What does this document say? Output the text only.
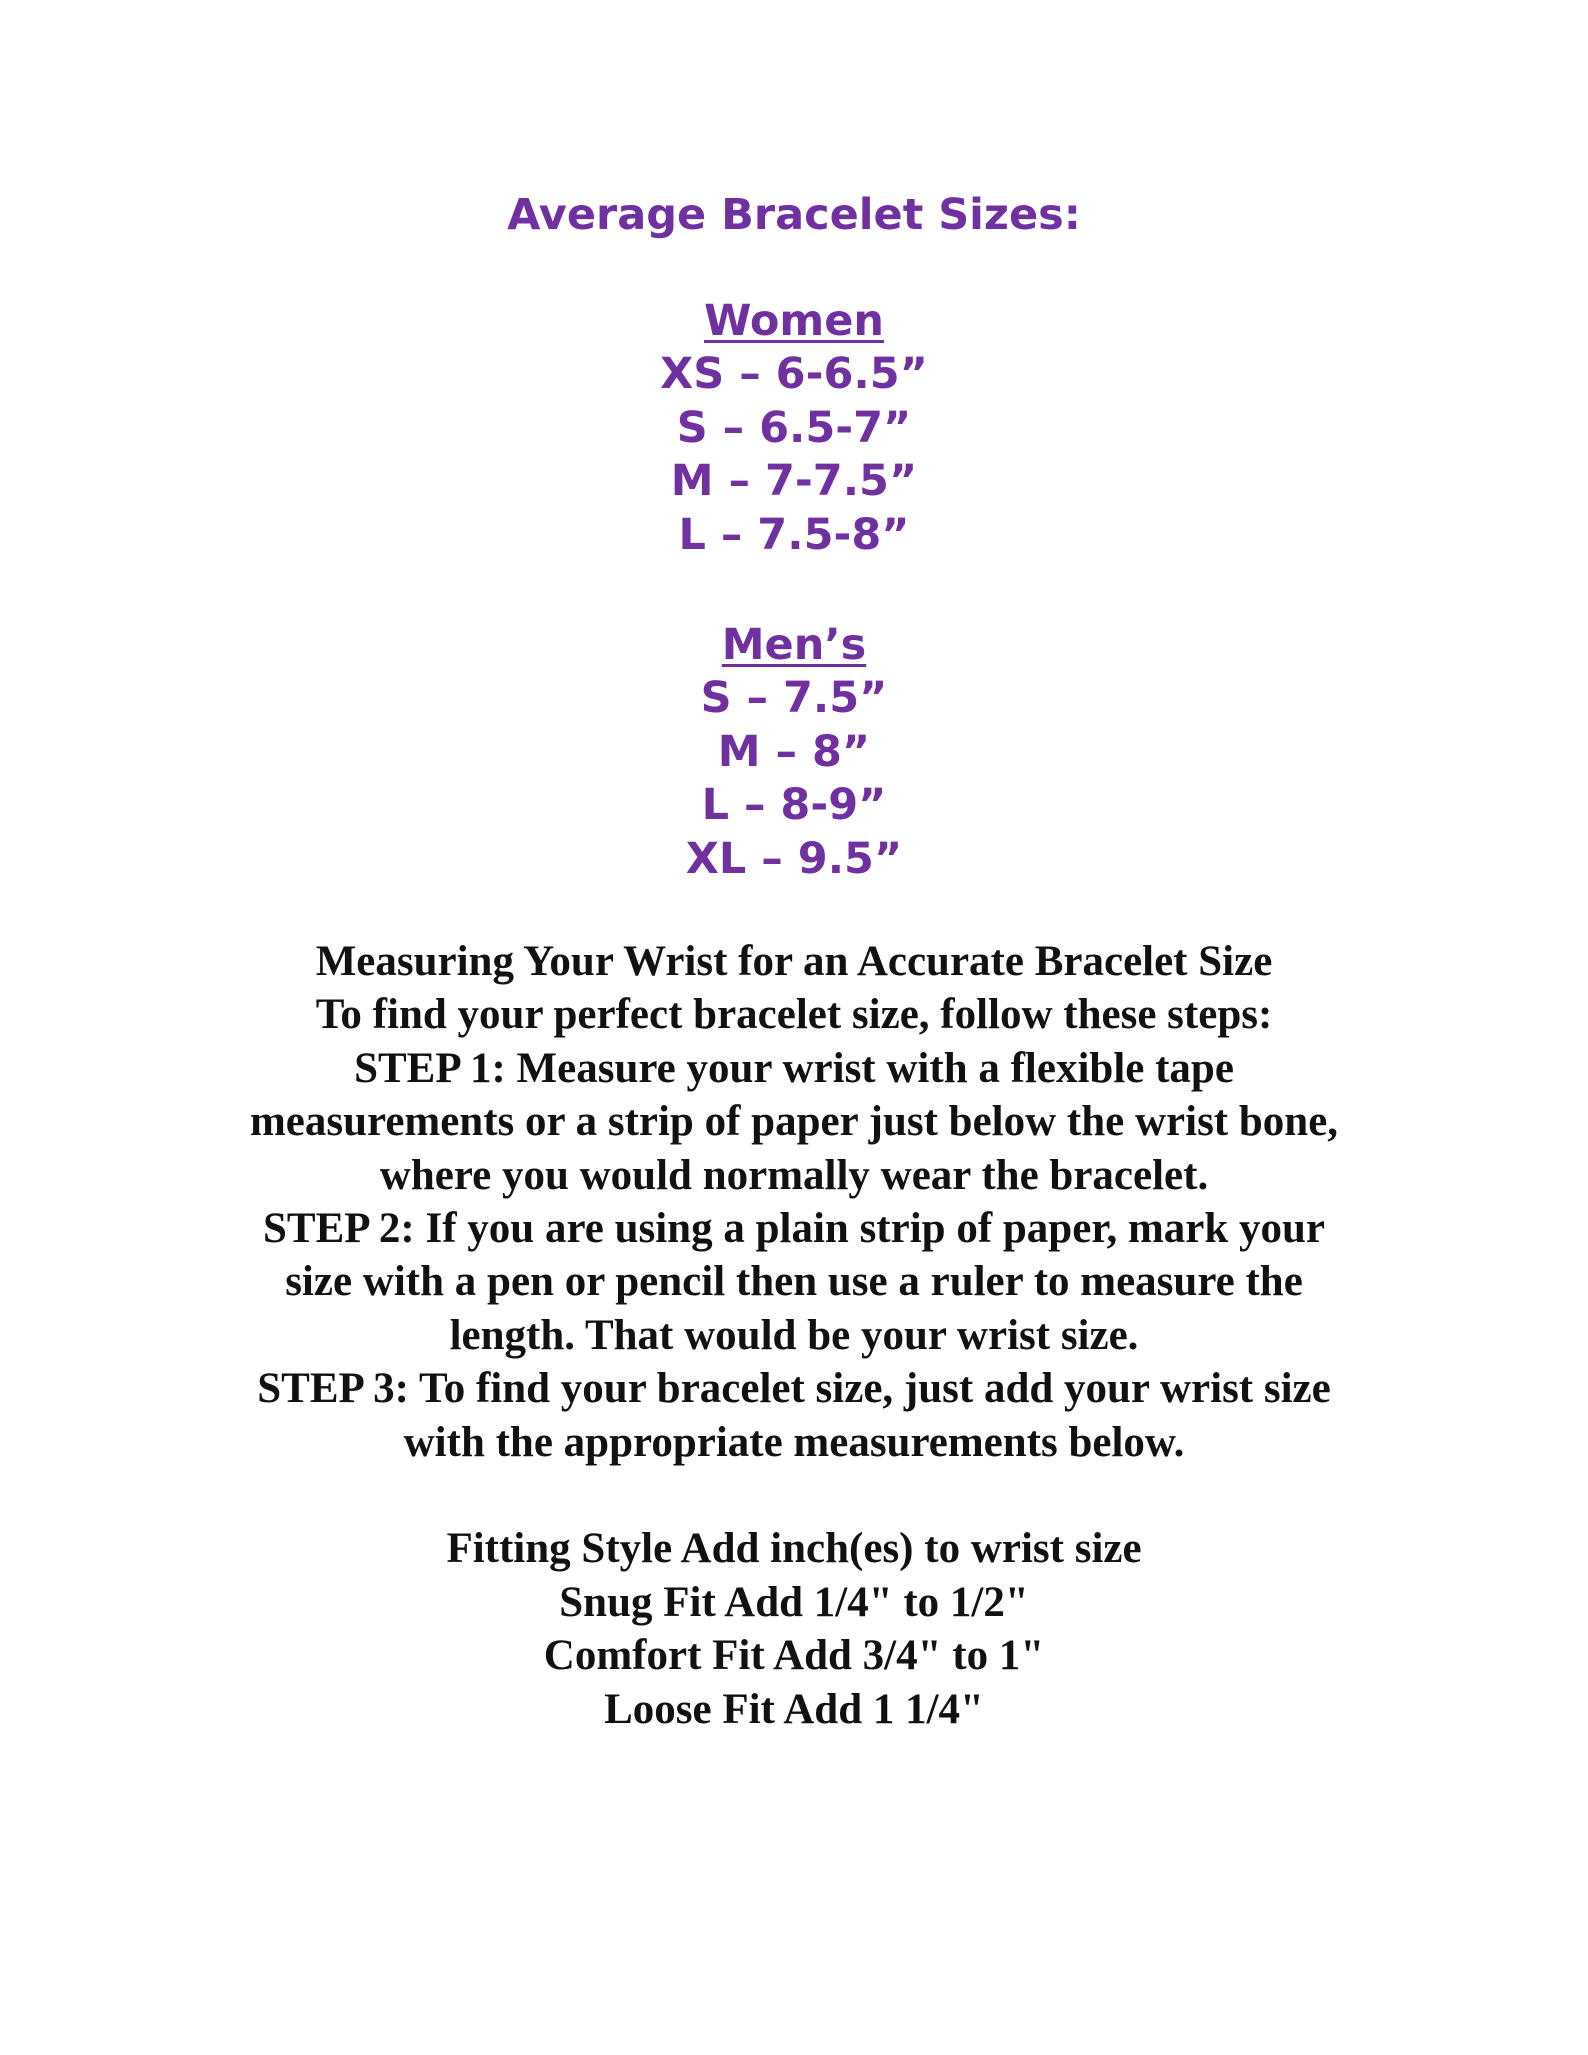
Average Bracelet Sizes:
Women
XS – 6-6.5”
S – 6.5-7”
M – 7-7.5”
L – 7.5-8”
Men’s
S – 7.5”
M – 8”
L – 8-9”
XL – 9.5”
Measuring Your Wrist for an Accurate Bracelet Size
To find your perfect bracelet size, follow these steps:
STEP 1: Measure your wrist with a flexible tape
measurements or a strip of paper just below the wrist bone,
where you would normally wear the bracelet.
STEP 2: If you are using a plain strip of paper, mark your
size with a pen or pencil then use a ruler to measure the
length. That would be your wrist size.
STEP 3: To find your bracelet size, just add your wrist size
with the appropriate measurements below.
Fitting Style Add inch(es) to wrist size
Snug Fit Add 1/4" to 1/2"
Comfort Fit Add 3/4" to 1"
Loose Fit Add 1 1/4"
